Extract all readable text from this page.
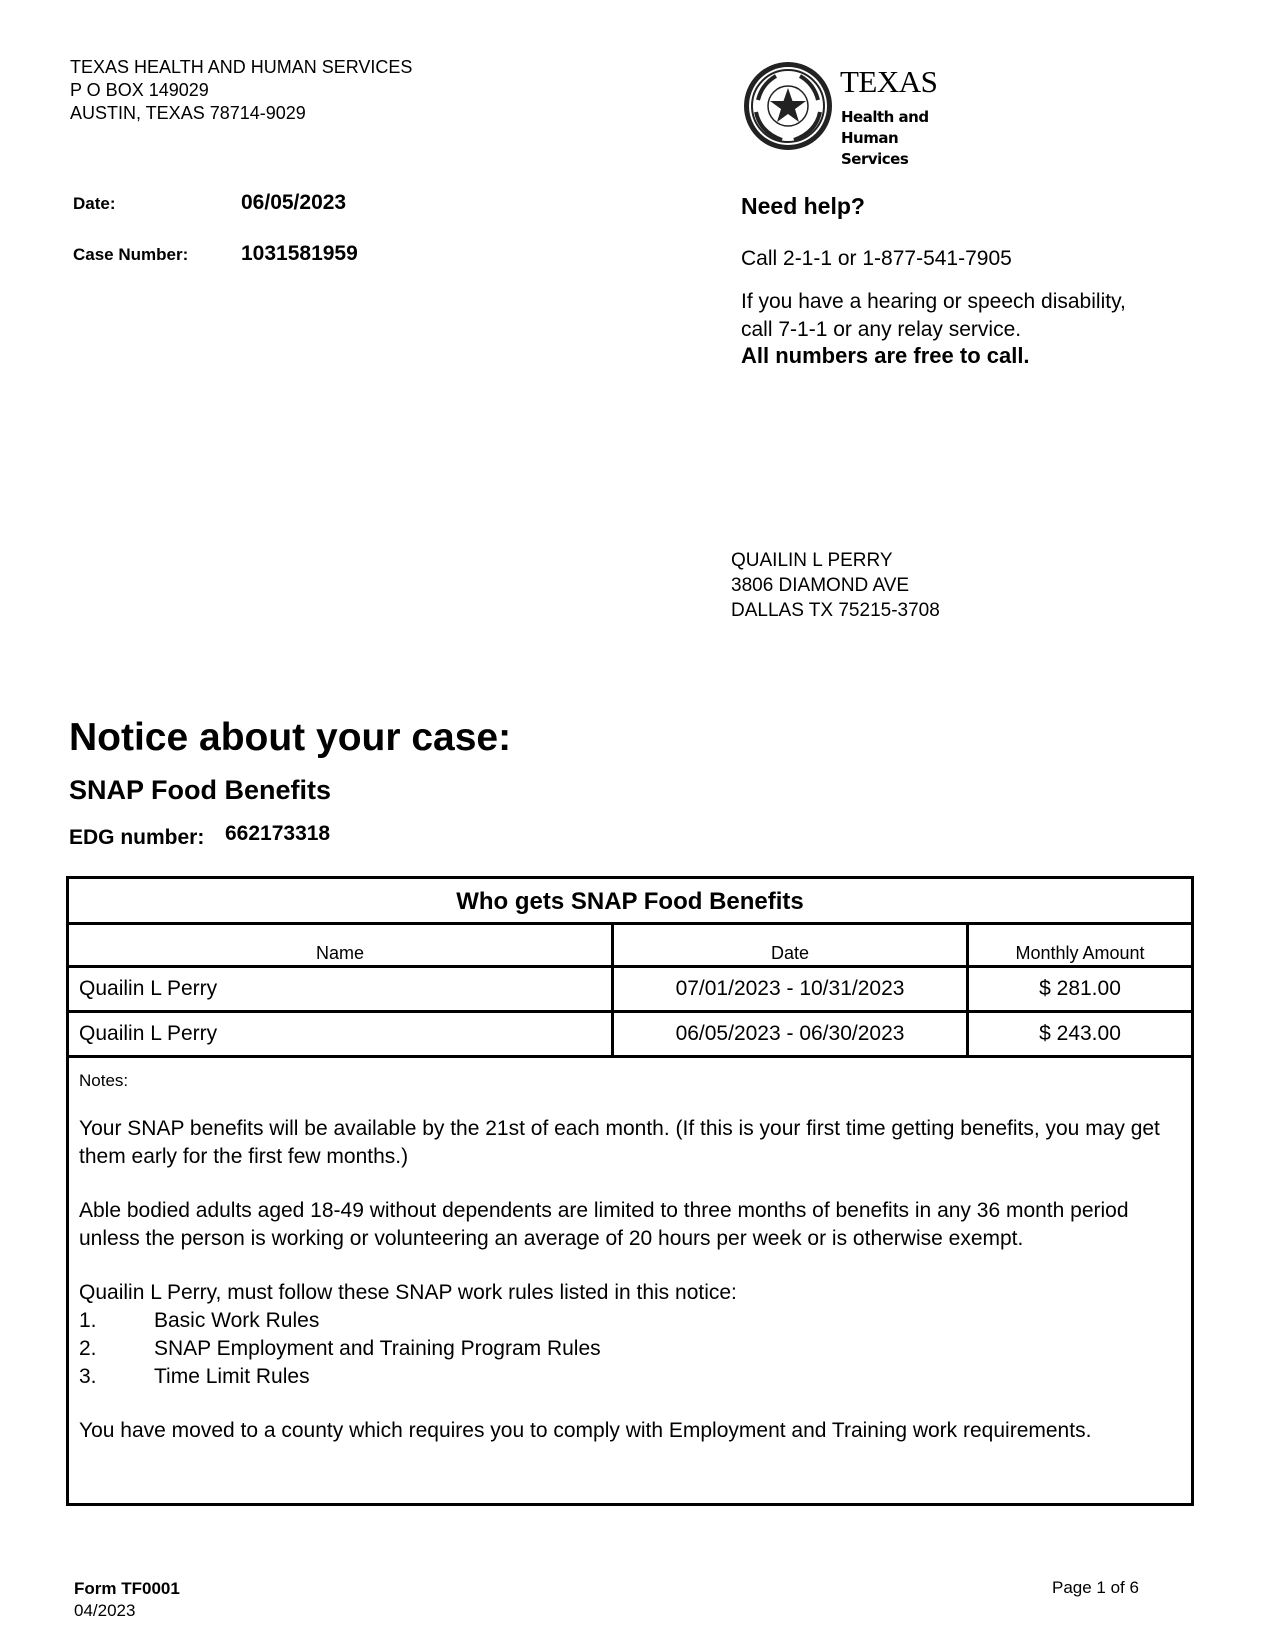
TEXAS HEALTH AND HUMAN SERVICES
P O BOX 149029
AUSTIN, TEXAS 78714-9029
TEXAS
Health and Human
Services
Date:	06/05/2023
Case Number:	1031581959
Need help?
Call 2-1-1 or 1-877-541-7905
If you have a hearing or speech disability,
call 7-1-1 or any relay service.
All numbers are free to call.
QUAILIN L PERRY
3806 DIAMOND AVE
DALLAS TX 75215-3708
Notice about your case:
SNAP Food Benefits
EDG number: 662173318
Who gets SNAP Food Benefits
Name	Date	Monthly Amount
Quailin L Perry	07/01/2023 - 10/31/2023	$ 281.00
Quailin L Perry	06/05/2023 - 06/30/2023	$ 243.00
Notes:

Your SNAP benefits will be available by the 21st of each month. (If this is your first time getting benefits, you may get them early for the first few months.)

Able bodied adults aged 18-49 without dependents are limited to three months of benefits in any 36 month period unless the person is working or volunteering an average of 20 hours per week or is otherwise exempt.

Quailin L Perry, must follow these SNAP work rules listed in this notice:
1.	Basic Work Rules
2.	SNAP Employment and Training Program Rules
3.	Time Limit Rules

You have moved to a county which requires you to comply with Employment and Training work requirements.

Form TF0001
04/2023
Page 1 of 6
